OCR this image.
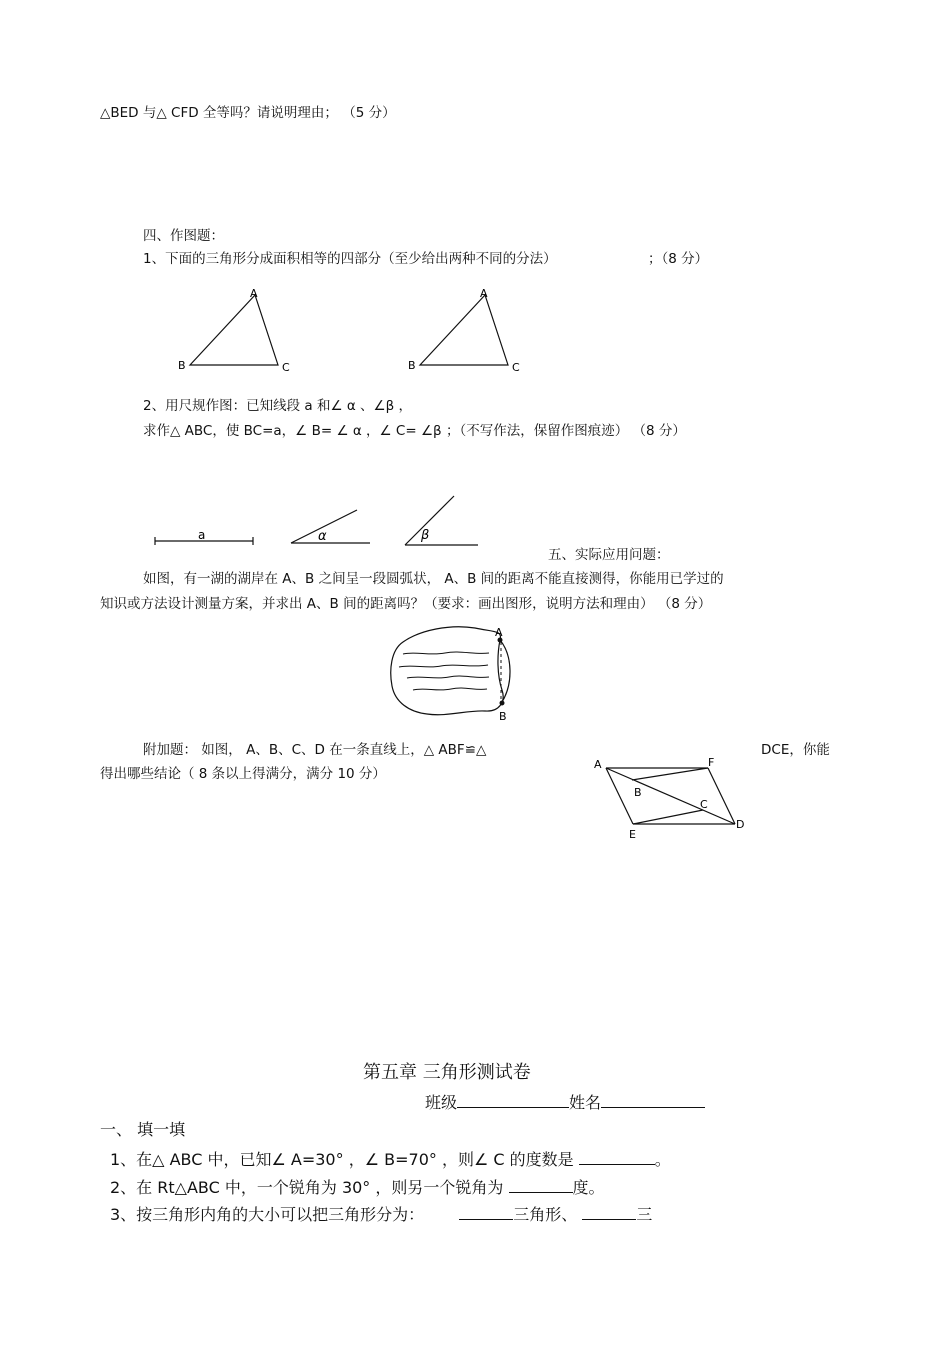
△BED 与△ CFD 全等吗？请说明理由； （5 分）
四、作图题：
1、下面的三角形分成面积相等的四部分（至少给出两种不同的分法）	；（8 分）
A
B	C
A
B	C
2、用尺规作图：已知线段 a 和∠ α 、∠β ，
求作△ ABC，使 BC=a，∠ B= ∠ α ，∠ C= ∠β ；（不写作法，保留作图痕迹） （8 分）
a	α	β
五、实际应用问题：
如图，有一湖的湖岸在 A、B 之间呈一段圆弧状， A、B 间的距离不能直接测得，你能用已学过的
知识或方法设计测量方案，并求出 A、B 间的距离吗？（要求：画出图形，说明方法和理由） （8 分）
A
B
附加题： 如图， A、B、C、D 在一条直线上，△ ABF≌△	DCE，你能
得出哪些结论（ 8 条以上得满分，满分 10 分）
A
B
C
D
E
F
第五章 三角形测试卷
班级	姓名
一、 填一填
1、在△ ABC 中，已知∠ A=30° ，∠ B=70° ，则∠ C 的度数是	。
2、在 Rt△ABC 中，一个锐角为 30° ，则另一个锐角为	度。
3、按三角形内角的大小可以把三角形分为：	三角形、	三
